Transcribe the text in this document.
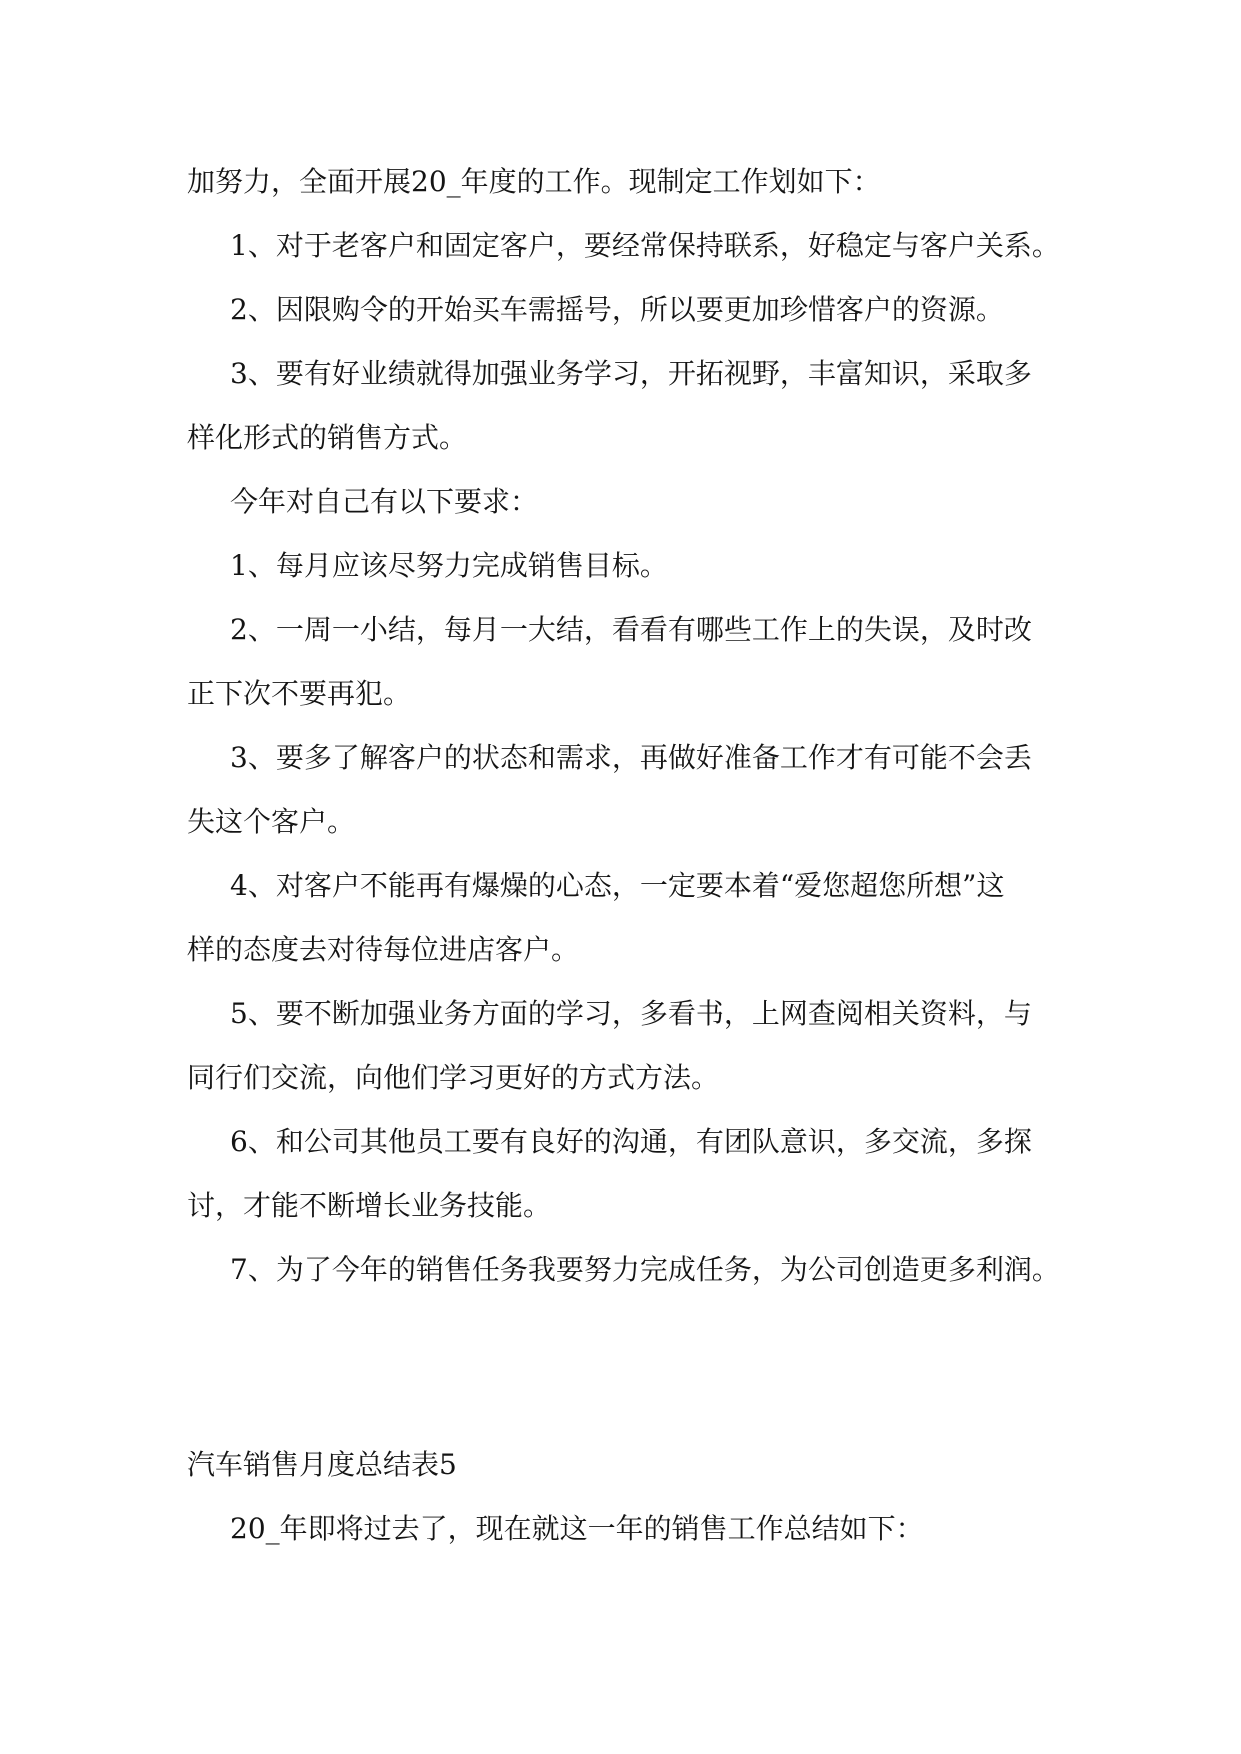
加努力，全面开展20_年度的工作。现制定工作划如下：

1、对于老客户和固定客户，要经常保持联系，好稳定与客户关系。

2、因限购令的开始买车需摇号，所以要更加珍惜客户的资源。

3、要有好业绩就得加强业务学习，开拓视野，丰富知识，采取多

样化形式的销售方式。

今年对自己有以下要求：

1、每月应该尽努力完成销售目标。

2、一周一小结，每月一大结，看看有哪些工作上的失误，及时改

正下次不要再犯。

3、要多了解客户的状态和需求，再做好准备工作才有可能不会丢

失这个客户。

4、对客户不能再有爆燥的心态，一定要本着“爱您超您所想”这

样的态度去对待每位进店客户。

5、要不断加强业务方面的学习，多看书，上网查阅相关资料，与

同行们交流，向他们学习更好的方式方法。

6、和公司其他员工要有良好的沟通，有团队意识，多交流，多探

讨，才能不断增长业务技能。

7、为了今年的销售任务我要努力完成任务，为公司创造更多利润。

汽车销售月度总结表5

20_年即将过去了，现在就这一年的销售工作总结如下：
